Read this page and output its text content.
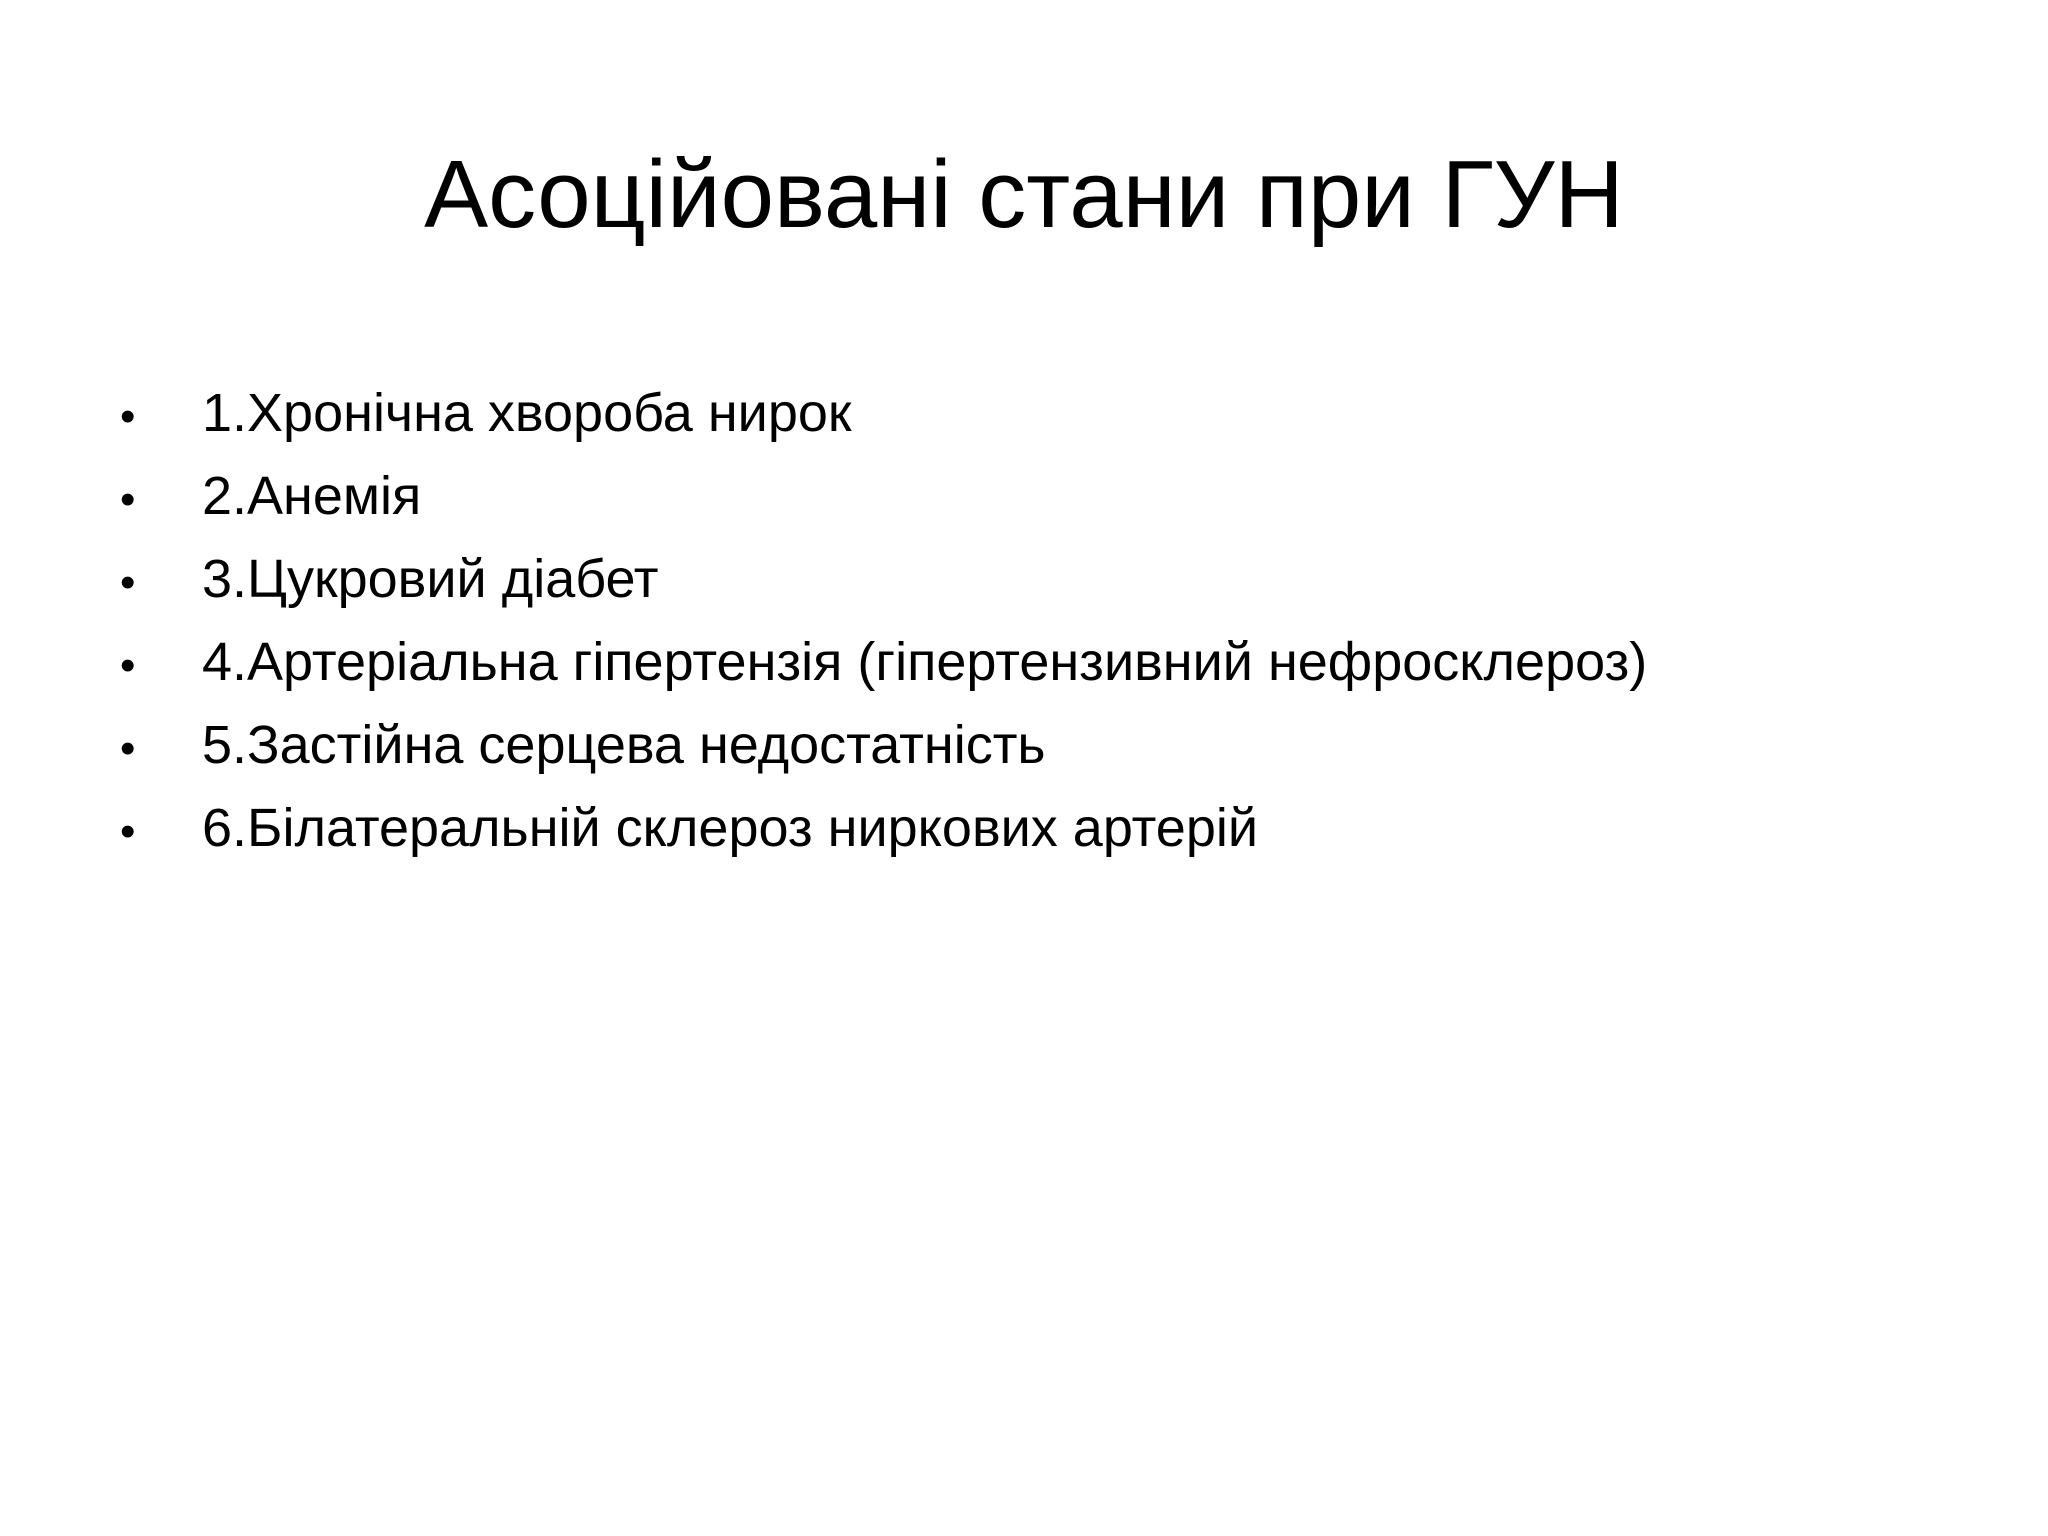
Асоційовані стани при ГУН
•	1.Хронічна хвороба нирок
•	2.Анемія
•	3.Цукровий діабет
•	4.Артеріальна гіпертензія (гіпертензивний нефросклероз)
•	5.Застійна серцева недостатність
•	6.Білатеральній склероз ниркових артерій
